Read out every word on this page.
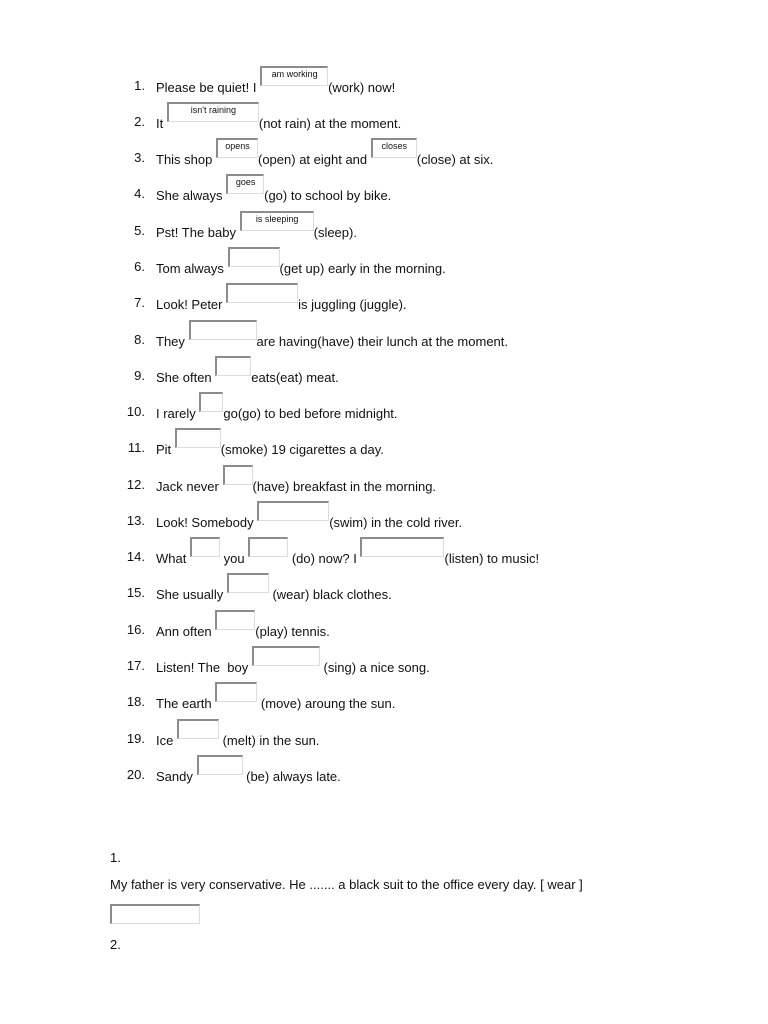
1. Please be quiet! I

am working
(work) now!
2. It

isn't raining
(not rain) at the moment.
3. This shop

opens
(open) at eight and

closes
(close) at six.
4. She always

goes
(go) to school by bike.
5. Pst! The baby

is sleeping
(sleep).
6. Tom always
	(get up) early in the morning.
7. Look! Peter
	is juggling (juggle).
8. They
	are having(have) their lunch at the moment.
9. She often
	eats(eat) meat.
10. I rarely
go(go) to bed before midnight.
11. Pit
	(smoke) 19 cigarettes a day.
12. Jack never
	(have) breakfast in the morning.
13. Look! Somebody
	(swim) in the cold river.
14. What

	you

	(do) now? I
	(listen) to music!
15. She usually

	(wear) black clothes.
16. Ann often
	(play) tennis.
17. Listen! The  boy

	(sing) a nice song.
18. The earth

	(move) aroung the sun.
19. Ice

	(melt) in the sun.
20. Sandy

	(be) always late.
1.
My father is very conservative. He ....... a black suit to the office every day. [ wear ]
2.
